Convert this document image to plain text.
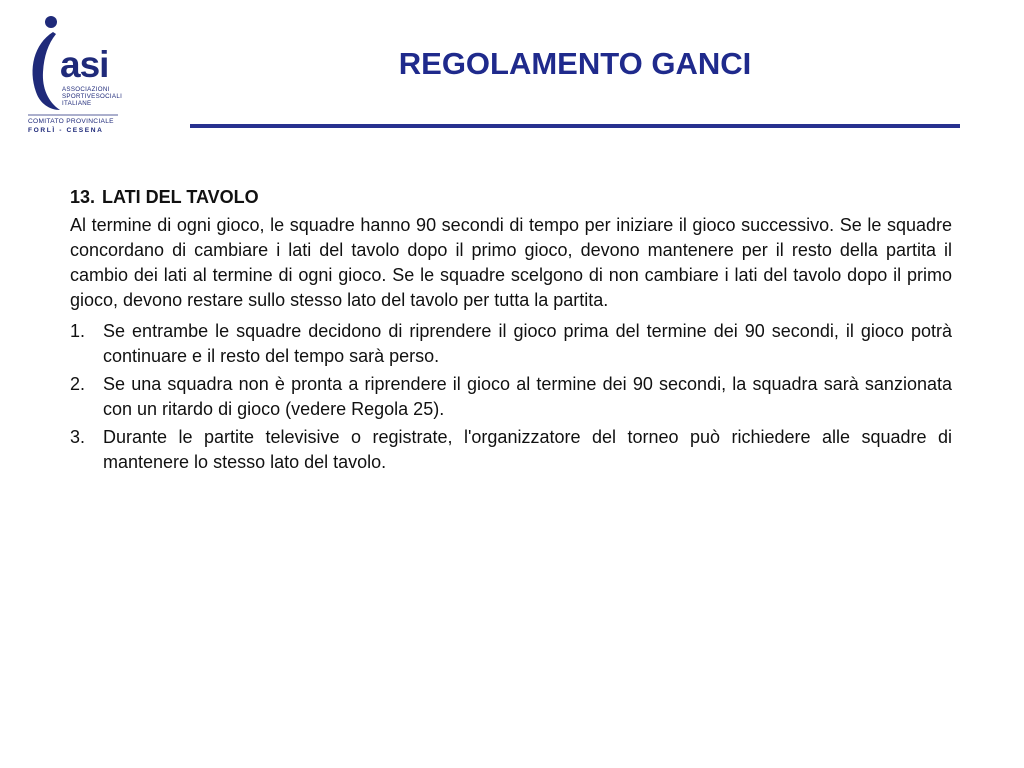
asi
ASSOCIAZIONI
SPORTIVESOCIALI
ITALIANE
COMITATO PROVINCIALE
FORLÌ - CESENA
REGOLAMENTO GANCI
13. LATI DEL TAVOLO

Al termine di ogni gioco, le squadre hanno 90 secondi di tempo per iniziare il gioco successivo. Se le squadre concordano di cambiare i lati del tavolo dopo il primo gioco, devono mantenere per il resto della partita il cambio dei lati al termine di ogni gioco. Se le squadre scelgono di non cambiare i lati del tavolo dopo il primo gioco, devono restare sullo stesso lato del tavolo per tutta la partita.

1. Se entrambe le squadre decidono di riprendere il gioco prima del termine dei 90 secondi, il gioco potrà continuare e il resto del tempo sarà perso.
2. Se una squadra non è pronta a riprendere il gioco al termine dei 90 secondi, la squadra sarà sanzionata con un ritardo di gioco (vedere Regola 25).
3. Durante le partite televisive o registrate, l'organizzatore del torneo può richiedere alle squadre di mantenere lo stesso lato del tavolo.
